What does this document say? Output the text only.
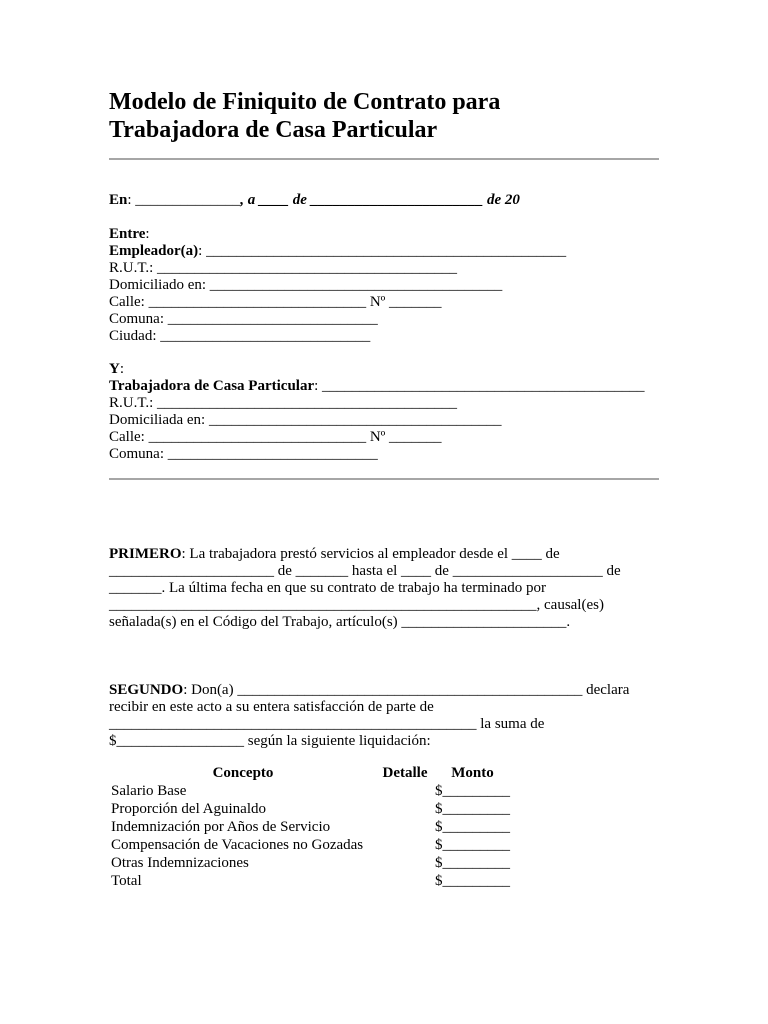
Modelo de Finiquito de Contrato para
Trabajadora de Casa Particular
En: ______________, a ____ de _______________________ de 20
Entre:
Empleador(a): ________________________________________________
R.U.T.: ________________________________________
Domiciliado en: _______________________________________
Calle: _____________________________ Nº _______
Comuna: ____________________________
Ciudad: ____________________________
Y:
Trabajadora de Casa Particular: ___________________________________________
R.U.T.: ________________________________________
Domiciliada en: _______________________________________
Calle: _____________________________ Nº _______
Comuna: ____________________________
PRIMERO: La trabajadora prestó servicios al empleador desde el ____ de
______________________ de _______ hasta el ____ de ____________________ de
_______. La última fecha en que su contrato de trabajo ha terminado por
_________________________________________________________, causal(es)
señalada(s) en el Código del Trabajo, artículo(s) ______________________.
SEGUNDO: Don(a) ______________________________________________ declara
recibir en este acto a su entera satisfacción de parte de
_________________________________________________ la suma de
$_________________ según la siguiente liquidación:
Concepto	Detalle	Monto
Salario Base		$_________
Proporción del Aguinaldo		$_________
Indemnización por Años de Servicio		$_________
Compensación de Vacaciones no Gozadas		$_________
Otras Indemnizaciones		$_________
Total		$_________
